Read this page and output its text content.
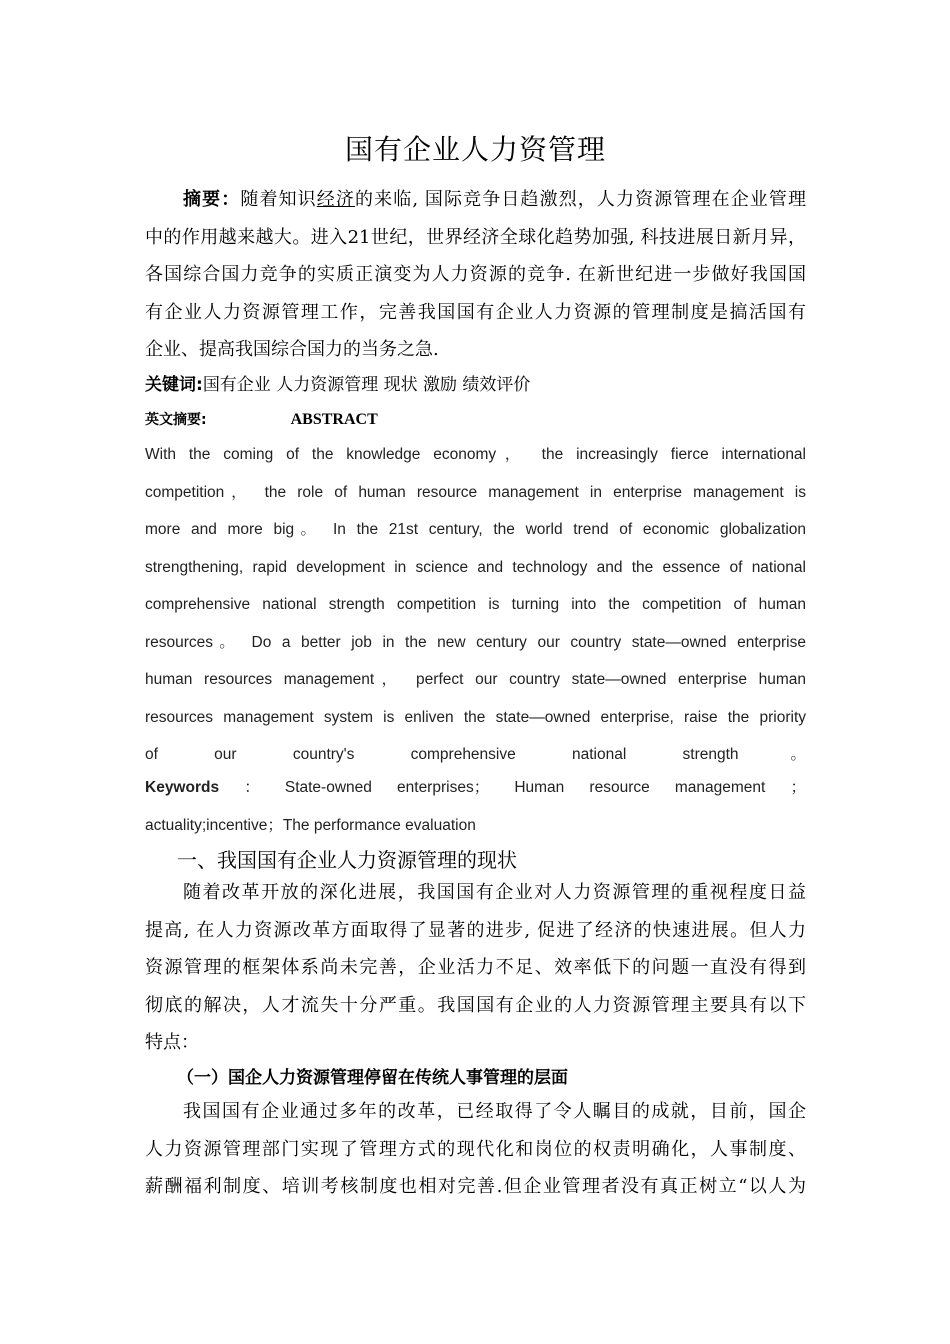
国有企业人力资管理

摘要：随着知识经济的来临, 国际竞争日趋激烈，人力资源管理在企业管理
中的作用越来越大。进入21世纪，世界经济全球化趋势加强, 科技进展日新月异，
各国综合国力竞争的实质正演变为人力资源的竞争. 在新世纪进一步做好我国国
有企业人力资源管理工作，完善我国国有企业人力资源的管理制度是搞活国有
企业、提高我国综合国力的当务之急.

关键词:国有企业 人力资源管理 现状 激励 绩效评价

英文摘要:	ABSTRACT

With the coming of the knowledge economy， the increasingly fierce international
competition， the role of human resource management in enterprise management is
more and more big。 In the 21st century, the world trend of economic globalization
strengthening, rapid development in science and technology and the essence of national
comprehensive national strength competition is turning into the competition of human
resources。 Do a better job in the new century our country state—owned enterprise
human resources management， perfect our country state—owned enterprise human
resources management system is enliven the state—owned enterprise, raise the priority
of our country's comprehensive national strength。

Keywords ： State-owned enterprises； Human resource management ；

actuality;incentive；The performance evaluation

一、我国国有企业人力资源管理的现状

随着改革开放的深化进展，我国国有企业对人力资源管理的重视程度日益
提高, 在人力资源改革方面取得了显著的进步, 促进了经济的快速进展。但人力
资源管理的框架体系尚未完善，企业活力不足、效率低下的问题一直没有得到
彻底的解决，人才流失十分严重。我国国有企业的人力资源管理主要具有以下
特点：

（一）国企人力资源管理停留在传统人事管理的层面

我国国有企业通过多年的改革，已经取得了令人瞩目的成就，目前，国企
人力资源管理部门实现了管理方式的现代化和岗位的权责明确化，人事制度、
薪酬福利制度、培训考核制度也相对完善.但企业管理者没有真正树立“以人为
